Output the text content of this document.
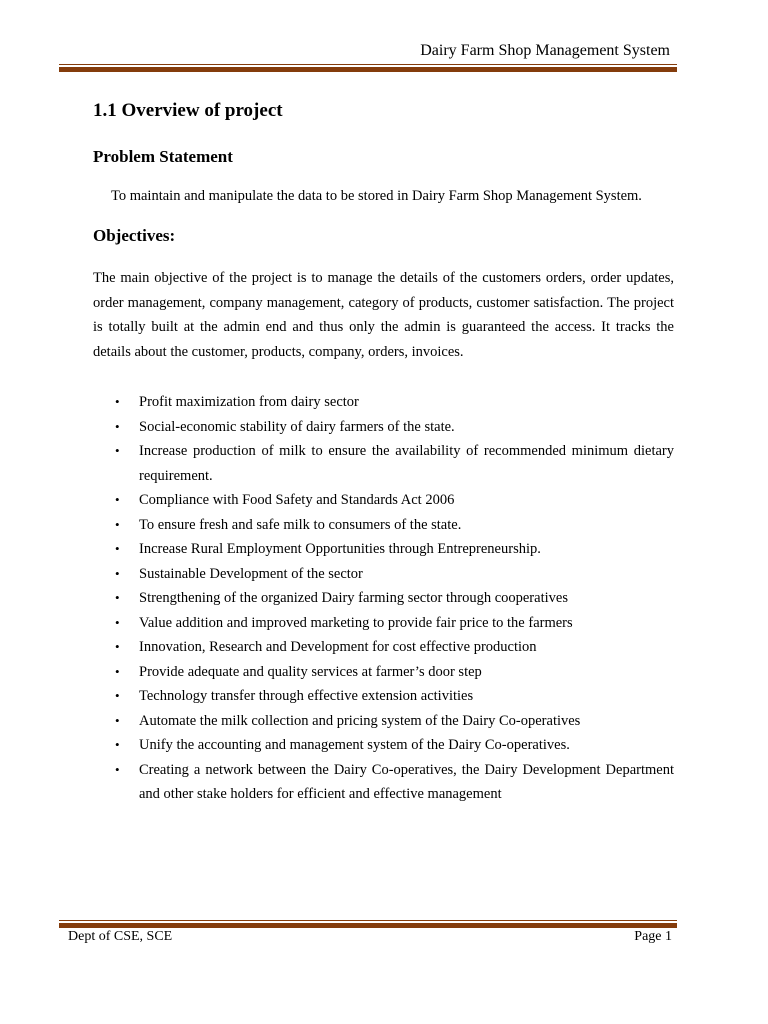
Dairy Farm Shop Management System
1.1 Overview of project
Problem Statement

To maintain and manipulate the data to be stored in Dairy Farm Shop Management System.

Objectives:

The main objective of the project is to manage the details of the customers orders, order updates, order management, company management, category of products, customer satisfaction. The project is totally built at the admin end and thus only the admin is guaranteed the access. It tracks the details about the customer, products, company, orders, invoices.

• Profit maximization from dairy sector
• Social-economic stability of dairy farmers of the state.
• Increase production of milk to ensure the availability of recommended minimum dietary requirement.
• Compliance with Food Safety and Standards Act 2006
• To ensure fresh and safe milk to consumers of the state.
• Increase Rural Employment Opportunities through Entrepreneurship.
• Sustainable Development of the sector
• Strengthening of the organized Dairy farming sector through cooperatives
• Value addition and improved marketing to provide fair price to the farmers
• Innovation, Research and Development for cost effective production
• Provide adequate and quality services at farmer’s door step
• Technology transfer through effective extension activities
• Automate the milk collection and pricing system of the Dairy Co-operatives
• Unify the accounting and management system of the Dairy Co-operatives.
• Creating a network between the Dairy Co-operatives, the Dairy Development Department and other stake holders for efficient and effective management
Dept of CSE, SCE	Page 1
